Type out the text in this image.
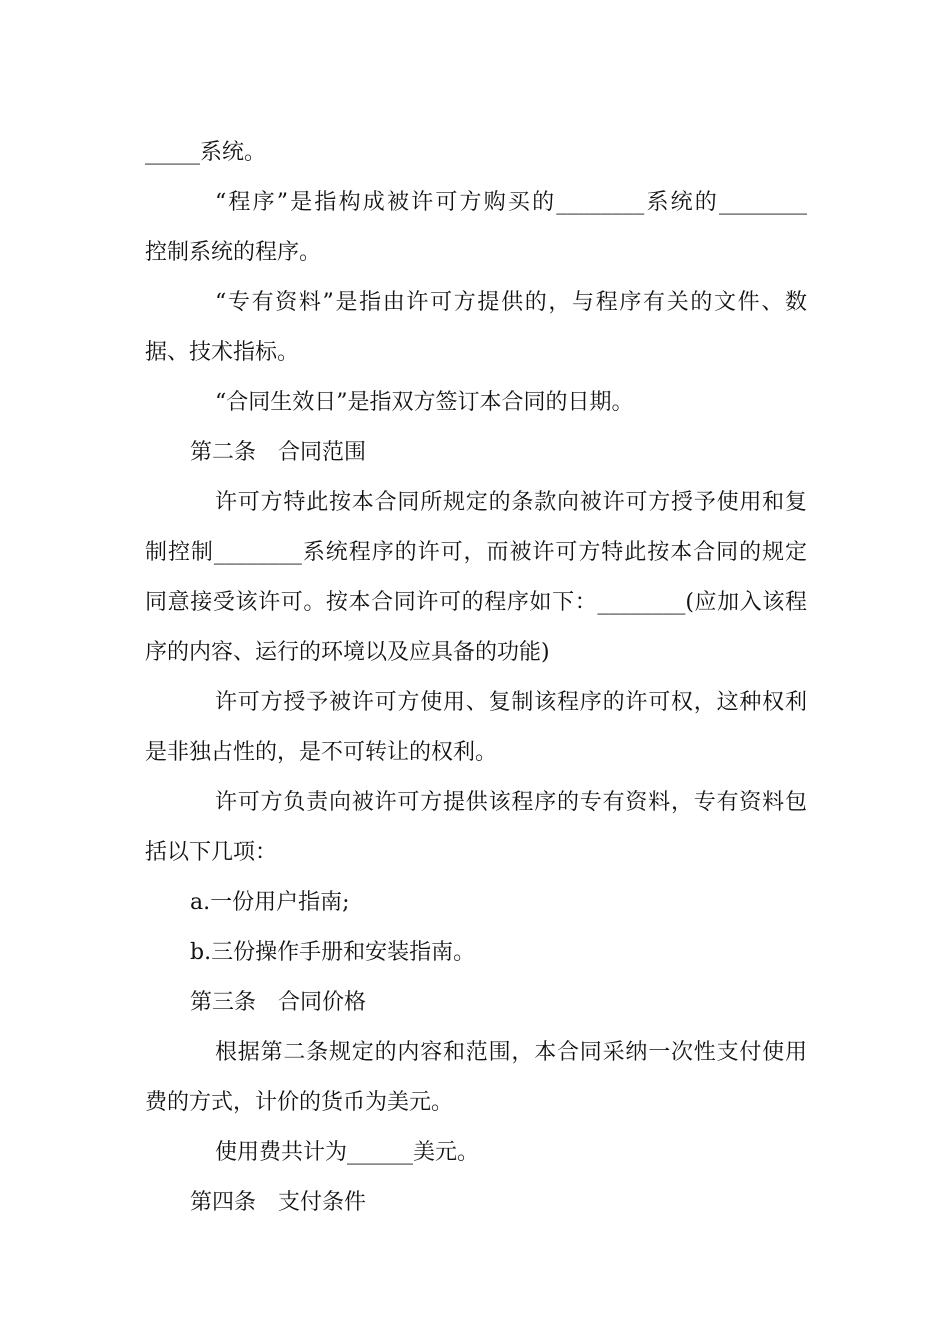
_____系统。
“程序”是指构成被许可方购买的________系统的________
控制系统的程序。
“专有资料”是指由许可方提供的，与程序有关的文件、数
据、技术指标。
“合同生效日”是指双方签订本合同的日期。
第二条　合同范围
许可方特此按本合同所规定的条款向被许可方授予使用和复
制控制________系统程序的许可，而被许可方特此按本合同的规定
同意接受该许可。按本合同许可的程序如下：________(应加入该程
序的内容、运行的环境以及应具备的功能)
许可方授予被许可方使用、复制该程序的许可权，这种权利
是非独占性的，是不可转让的权利。
许可方负责向被许可方提供该程序的专有资料，专有资料包
括以下几项：
a.一份用户指南;
b.三份操作手册和安装指南。
第三条　合同价格
根据第二条规定的内容和范围，本合同采纳一次性支付使用
费的方式，计价的货币为美元。
使用费共计为______美元。
第四条　支付条件
